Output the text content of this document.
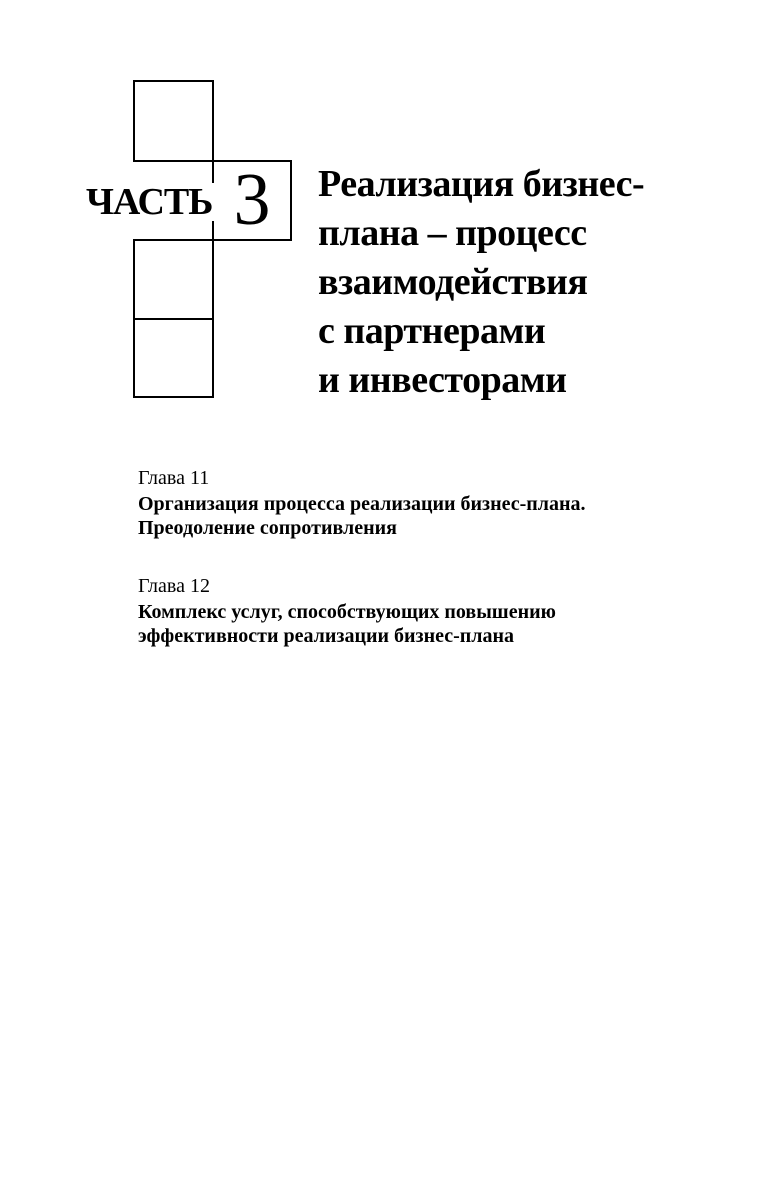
ЧАСТЬ 3	Реализация бизнес-
плана – процесс
взаимодействия
с партнерами
и инвесторами
Глава 11
Организация процесса реализации бизнес-плана.
Преодоление сопротивления
Глава 12
Комплекс услуг, способствующих повышению
эффективности реализации бизнес-плана
